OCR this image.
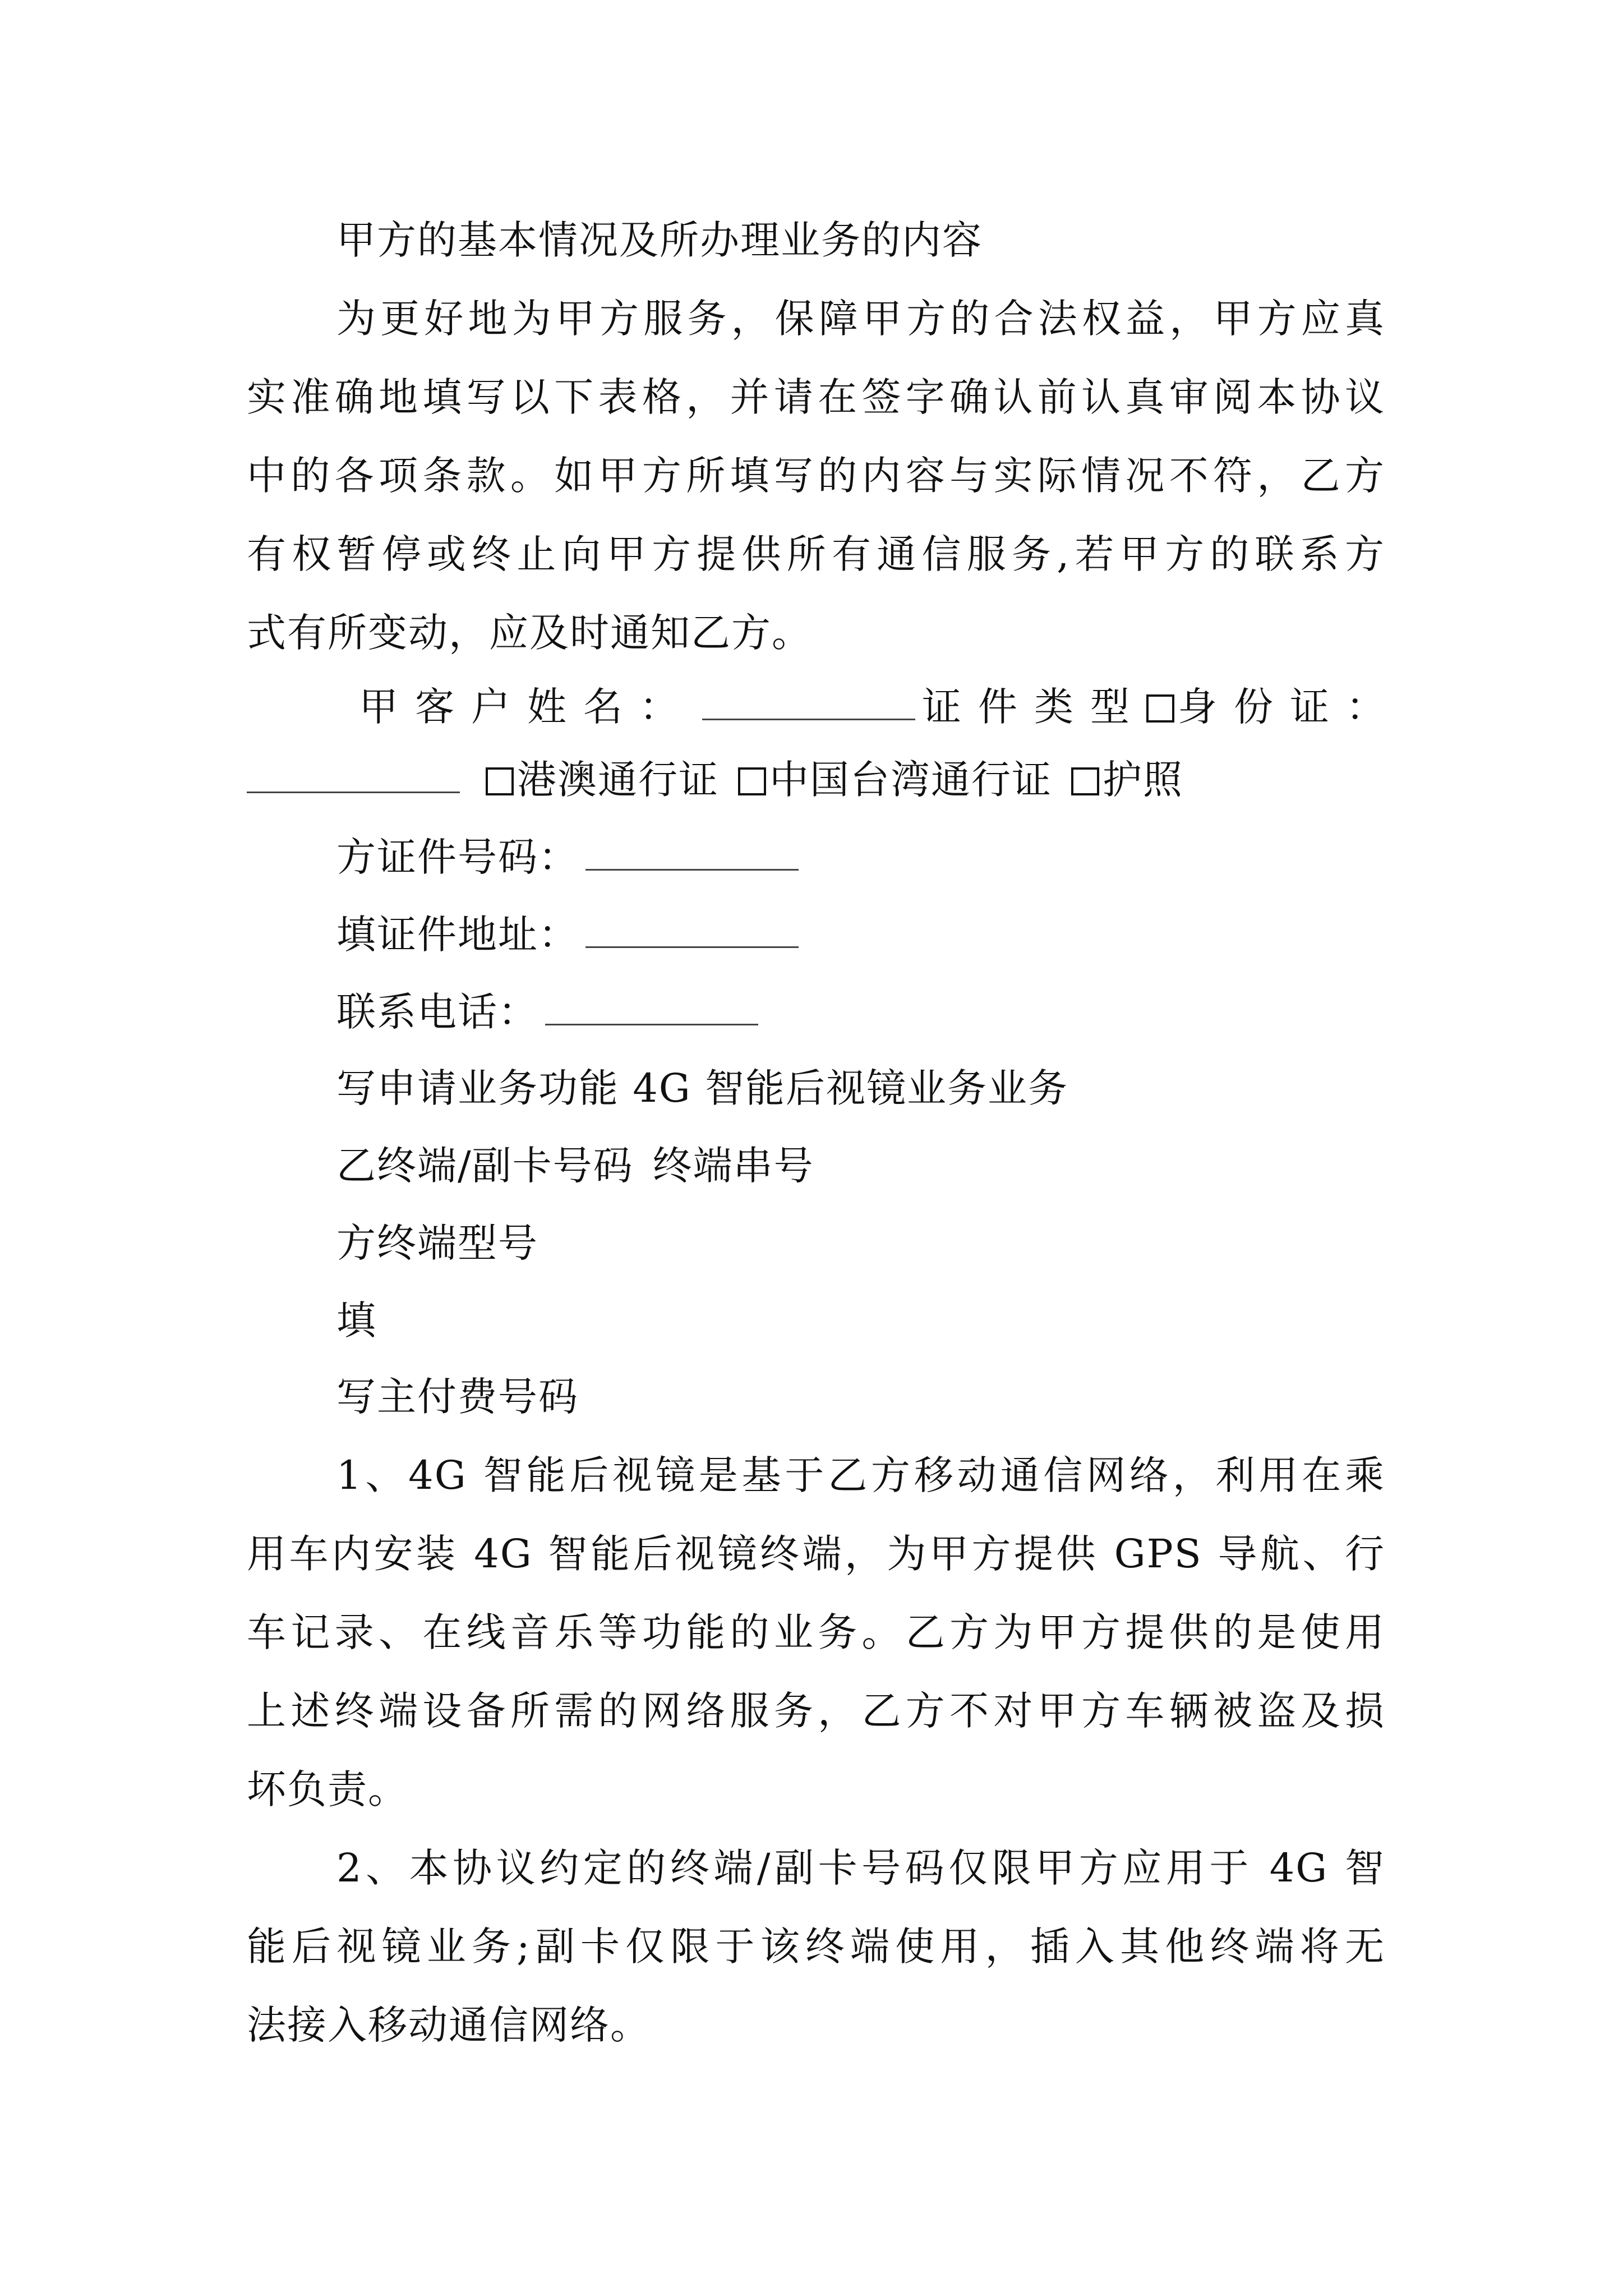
甲方的基本情况及所办理业务的内容
为更好地为甲方服务，保障甲方的合法权益，甲方应真
实准确地填写以下表格，并请在签字确认前认真审阅本协议
中的各项条款。如甲方所填写的内容与实际情况不符，乙方
有权暂停或终止向甲方提供所有通信服务,若甲方的联系方
式有所变动，应及时通知乙方。
甲客户姓名：	证件类型 身份证：
港澳通行证 中国台湾通行证 护照
方证件号码：
填证件地址：
联系电话：
写申请业务功能 4G 智能后视镜业务业务
乙终端/副卡号码 终端串号
方终端型号
填
写主付费号码
1、4G 智能后视镜是基于乙方移动通信网络，利用在乘
用车内安装 4G 智能后视镜终端，为甲方提供 GPS 导航、行
车记录、在线音乐等功能的业务。乙方为甲方提供的是使用
上述终端设备所需的网络服务，乙方不对甲方车辆被盗及损
坏负责。
2、本协议约定的终端/副卡号码仅限甲方应用于 4G 智
能后视镜业务;副卡仅限于该终端使用，插入其他终端将无
法接入移动通信网络。
